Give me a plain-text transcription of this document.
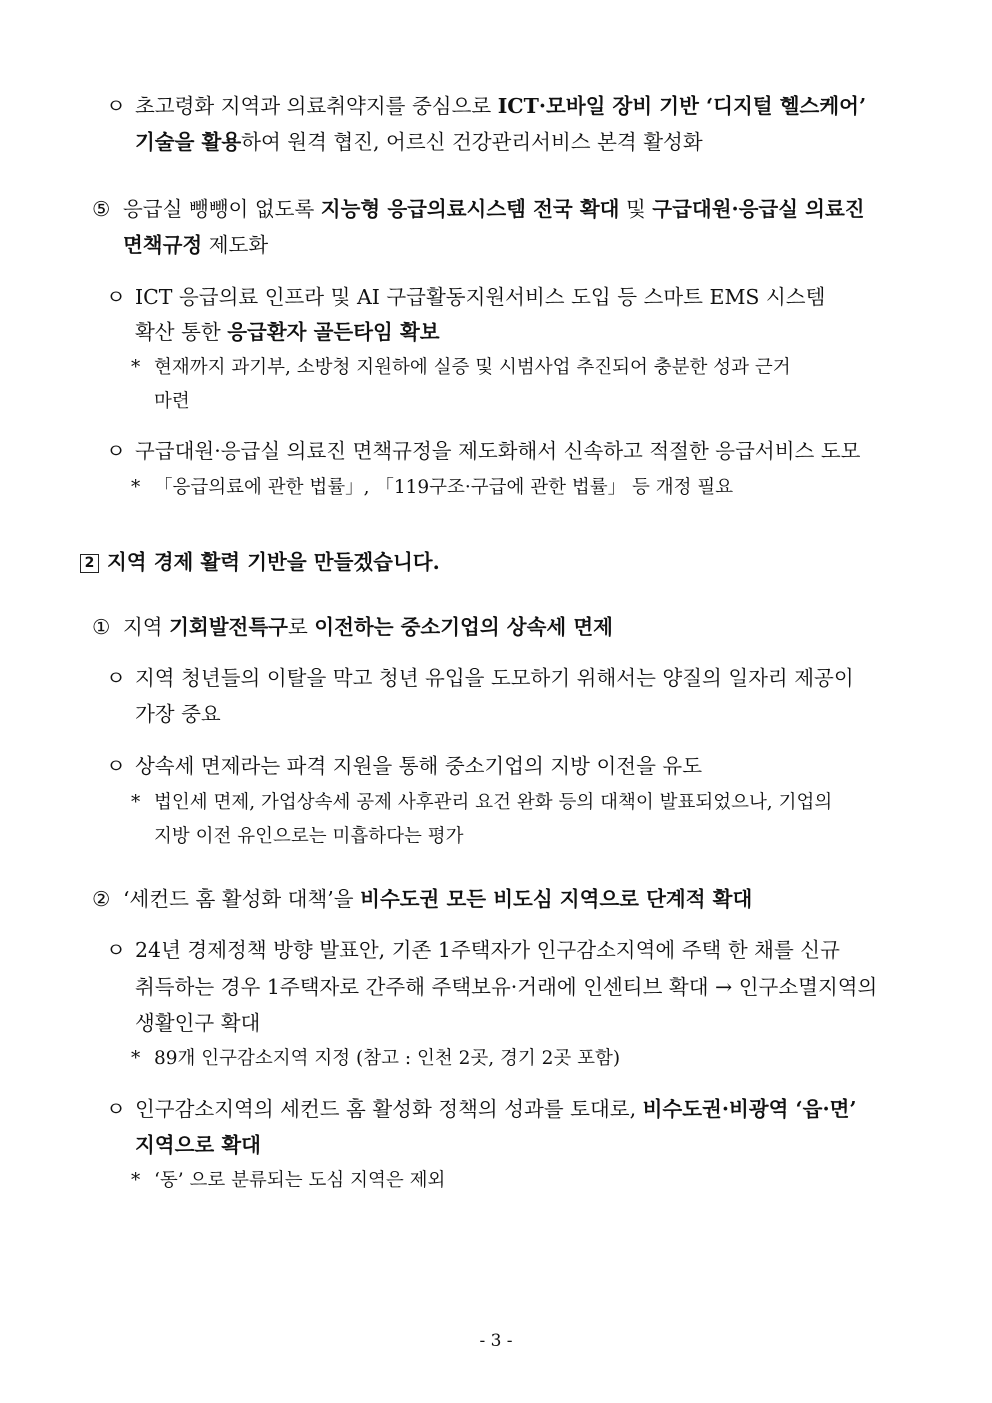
ㅇ 초고령화 지역과 의료취약지를 중심으로 ICT·모바일 장비 기반 ‘디지털 헬스케어’
기술을 활용하여 원격 협진, 어르신 건강관리서비스 본격 활성화
⑤ 응급실 뺑뺑이 없도록 지능형 응급의료시스템 전국 확대 및 구급대원·응급실 의료진
면책규정 제도화
ㅇ ICT 응급의료 인프라 및 AI 구급활동지원서비스 도입 등 스마트 EMS 시스템
확산 통한 응급환자 골든타임 확보
* 현재까지 과기부, 소방청 지원하에 실증 및 시범사업 추진되어 충분한 성과 근거
마련
ㅇ 구급대원·응급실 의료진 면책규정을 제도화해서 신속하고 적절한 응급서비스 도모
* 「응급의료에 관한 법률」, 「119구조·구급에 관한 법률」 등 개정 필요
2 지역 경제 활력 기반을 만들겠습니다.
① 지역 기회발전특구로 이전하는 중소기업의 상속세 면제
ㅇ 지역 청년들의 이탈을 막고 청년 유입을 도모하기 위해서는 양질의 일자리 제공이
가장 중요
ㅇ 상속세 면제라는 파격 지원을 통해 중소기업의 지방 이전을 유도
* 법인세 면제, 가업상속세 공제 사후관리 요건 완화 등의 대책이 발표되었으나, 기업의
지방 이전 유인으로는 미흡하다는 평가
② ‘세컨드 홈 활성화 대책’을 비수도권 모든 비도심 지역으로 단계적 확대
ㅇ 24년 경제정책 방향 발표안, 기존 1주택자가 인구감소지역에 주택 한 채를 신규
취득하는 경우 1주택자로 간주해 주택보유·거래에 인센티브 확대 → 인구소멸지역의
생활인구 확대
* 89개 인구감소지역 지정 (참고 : 인천 2곳, 경기 2곳 포함)
ㅇ 인구감소지역의 세컨드 홈 활성화 정책의 성과를 토대로, 비수도권·비광역 ‘읍·면’
지역으로 확대
* ‘동’ 으로 분류되는 도심 지역은 제외
- 3 -
